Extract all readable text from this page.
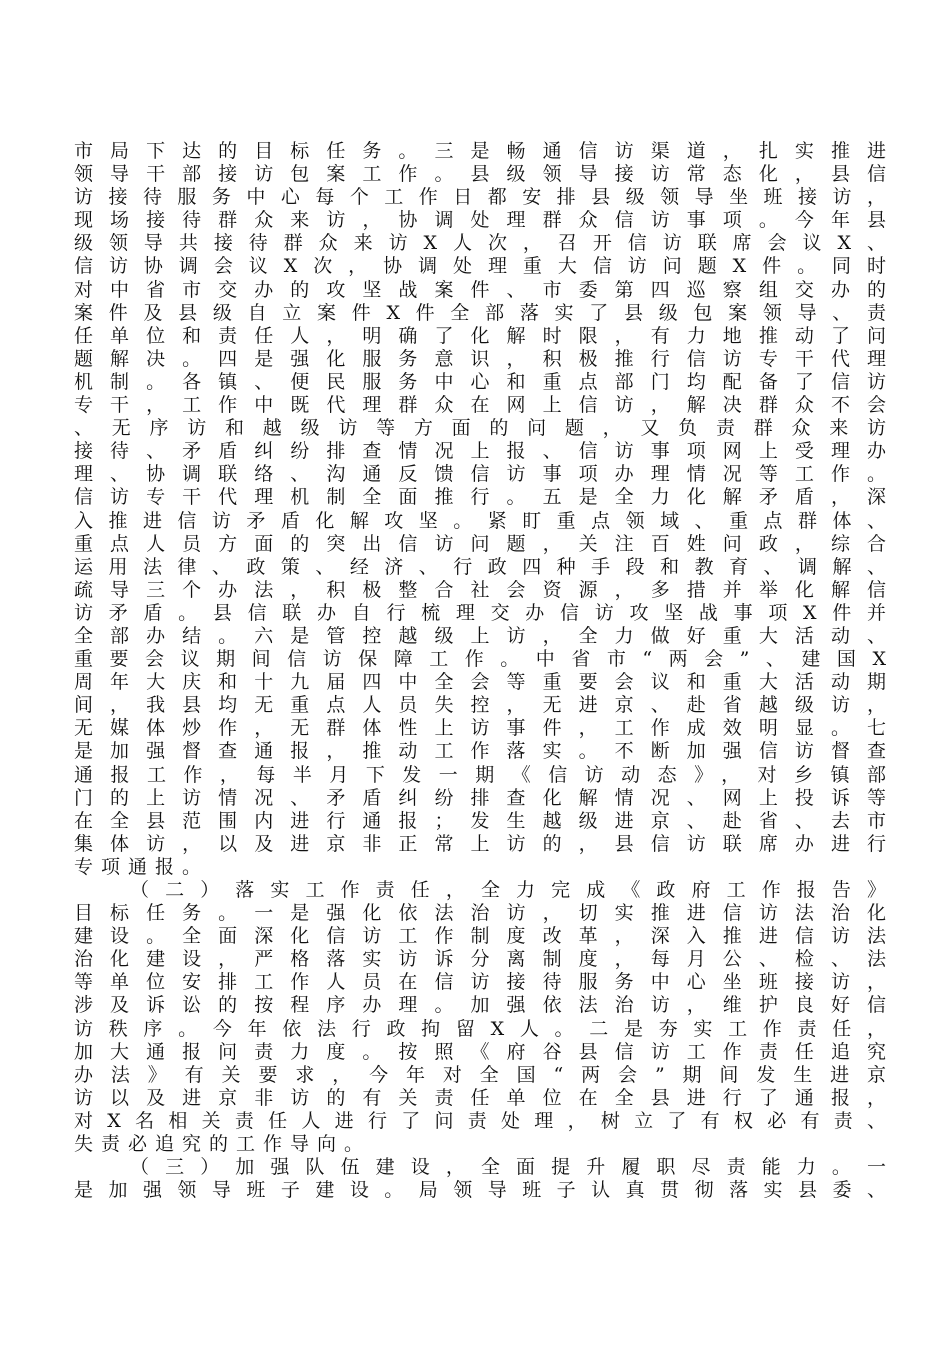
市局下达的目标任务。三是畅通信访渠道，扎实推进
领导干部接访包案工作。县级领导接访常态化，县信
访接待服务中心每个工作日都安排县级领导坐班接访，
现场接待群众来访，协调处理群众信访事项。今年县
级领导共接待群众来访X人次，召开信访联席会议X、
信访协调会议X次，协调处理重大信访问题X件。同时
对中省市交办的攻坚战案件、市委第四巡察组交办的
案件及县级自立案件X件全部落实了县级包案领导、责
任单位和责任人，明确了化解时限，有力地推动了问
题解决。四是强化服务意识，积极推行信访专干代理
机制。各镇、便民服务中心和重点部门均配备了信访
专干，工作中既代理群众在网上信访，解决群众不会
、无序访和越级访等方面的问题，又负责群众来访
接待、矛盾纠纷排查情况上报、信访事项网上受理办
理、协调联络、沟通反馈信访事项办理情况等工作。
信访专干代理机制全面推行。五是全力化解矛盾，深
入推进信访矛盾化解攻坚。紧盯重点领域、重点群体、
重点人员方面的突出信访问题，关注百姓问政，综合
运用法律、政策、经济、行政四种手段和教育、调解、
疏导三个办法，积极整合社会资源，多措并举化解信
访矛盾。县信联办自行梳理交办信访攻坚战事项X件并
全部办结。六是管控越级上访，全力做好重大活动、
重要会议期间信访保障工作。中省市“两会”、建国X
周年大庆和十九届四中全会等重要会议和重大活动期
间，我县均无重点人员失控，无进京、赴省越级访，
无媒体炒作，无群体性上访事件，工作成效明显。七
是加强督查通报，推动工作落实。不断加强信访督查
通报工作，每半月下发一期《信访动态》，对乡镇部
门的上访情况、矛盾纠纷排查化解情况、网上投诉等
在全县范围内进行通报；发生越级进京、赴省、去市
集体访，以及进京非正常上访的，县信访联席办进行
专项通报。
（二）落实工作责任，全力完成《政府工作报告》
目标任务。一是强化依法治访，切实推进信访法治化
建设。全面深化信访工作制度改革，深入推进信访法
治化建设，严格落实访诉分离制度，每月公、检、法
等单位安排工作人员在信访接待服务中心坐班接访，
涉及诉讼的按程序办理。加强依法治访，维护良好信
访秩序。今年依法行政拘留X人。二是夯实工作责任，
加大通报问责力度。按照《府谷县信访工作责任追究
办法》有关要求，今年对全国“两会”期间发生进京
访以及进京非访的有关责任单位在全县进行了通报，
对X名相关责任人进行了问责处理，树立了有权必有责、
失责必追究的工作导向。
（三）加强队伍建设，全面提升履职尽责能力。一
是加强领导班子建设。局领导班子认真贯彻落实县委、
